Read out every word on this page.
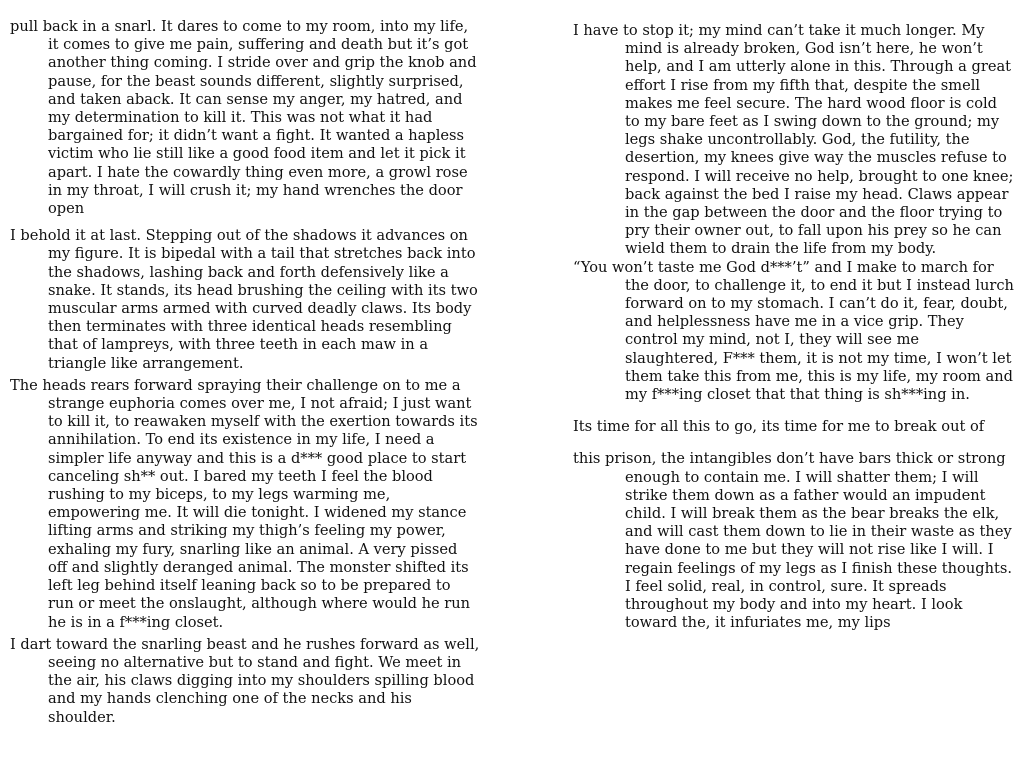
pull back in a snarl. It dares to come to my room, into my life, it comes to give me pain, suffering and death but it’s got another thing coming. I stride over and grip the knob and pause, for the beast sounds different, slightly surprised, and taken aback. It can sense my anger, my hatred, and my determination to kill it. This was not what it had bargained for; it didn’t want a fight. It wanted a hapless victim who lie still like a good food item and let it pick it apart. I hate the cowardly thing even more, a growl rose in my throat, I will crush it; my hand wrenches the door open

I behold it at last. Stepping out of the shadows it advances on my figure. It is bipedal with a tail that stretches back into the shadows, lashing back and forth defensively like a snake. It stands, its head brushing the ceiling with its two muscular arms armed with curved deadly claws. Its body then terminates with three identical heads resembling that of lampreys, with three teeth in each maw in a triangle like arrangement.

The heads rears forward spraying their challenge on to me a strange euphoria comes over me, I not afraid; I just want to kill it, to reawaken myself with the exertion towards its annihilation. To end its existence in my life, I need a simpler life anyway and this is a d*** good place to start canceling sh** out. I bared my teeth I feel the blood rushing to my biceps, to my legs warming me, empowering me. It will die tonight. I widened my stance lifting arms and striking my thigh’s feeling my power, exhaling my fury, snarling like an animal. A very pissed off and slightly deranged animal. The monster shifted its left leg behind itself leaning back so to be prepared to run or meet the onslaught, although where would he run he is in a f***ing closet.

I dart toward the snarling beast and he rushes forward as well, seeing no alternative but to stand and fight. We meet in the air, his claws digging into my shoulders spilling blood and my hands clenching one of the necks and his shoulder.

I have to stop it; my mind can’t take it much longer. My mind is already broken, God isn’t here, he won’t help, and I am utterly alone in this. Through a great effort I rise from my fifth that, despite the smell makes me feel secure. The hard wood floor is cold to my bare feet as I swing down to the ground; my legs shake uncontrollably. God, the futility, the desertion, my knees give way the muscles refuse to respond. I will receive no help, brought to one knee; back against the bed I raise my head. Claws appear in the gap between the door and the floor trying to pry their owner out, to fall upon his prey so he can wield them to drain the life from my body.

“You won’t taste me God d***’t” and I make to march for the door, to challenge it, to end it but I instead lurch forward on to my stomach. I can’t do it, fear, doubt, and helplessness have me in a vice grip. They control my mind, not I, they will see me slaughtered, F*** them, it is not my time, I won’t let them take this from me, this is my life, my room and my f***ing closet that that thing is sh***ing in.

Its time for all this to go, its time for me to break out of

this prison, the intangibles don’t have bars thick or strong enough to contain me. I will shatter them; I will strike them down as a father would an impudent child. I will break them as the bear breaks the elk, and will cast them down to lie in their waste as they have done to me but they will not rise like I will. I regain feelings of my legs as I finish these thoughts. I feel solid, real, in control, sure. It spreads throughout my body and into my heart. I look toward the, it infuriates me, my lips
